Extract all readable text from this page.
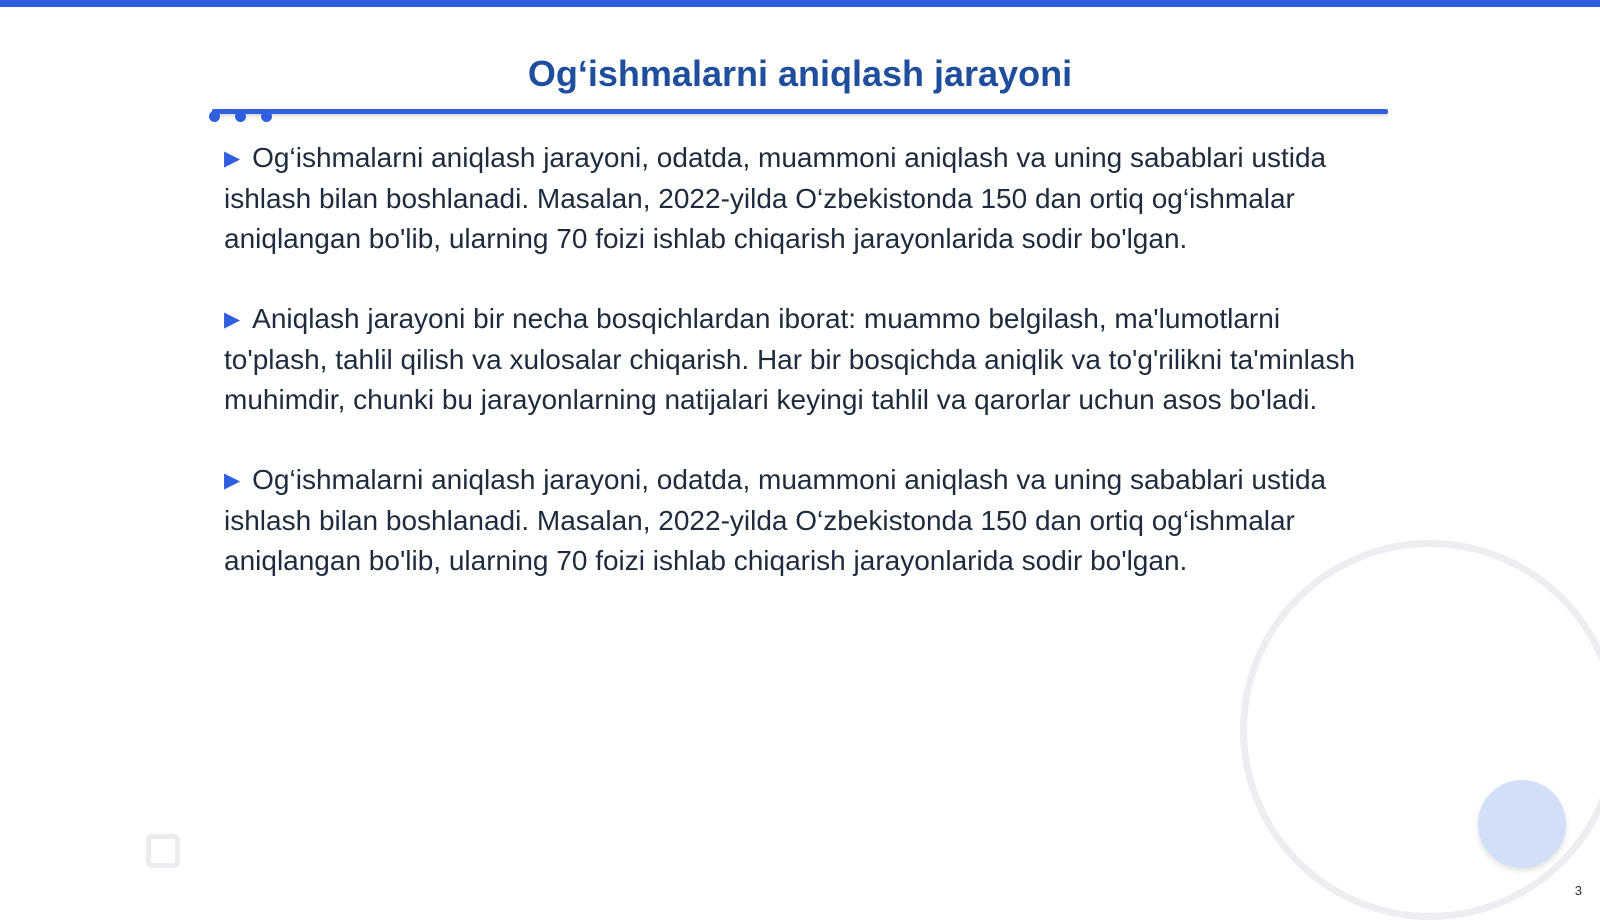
Og‘ishmalarni aniqlash jarayoni

▶ Og‘ishmalarni aniqlash jarayoni, odatda, muammoni aniqlash va uning sabablari ustida ishlash bilan boshlanadi. Masalan, 2022-yilda O‘zbekistonda 150 dan ortiq og‘ishmalar aniqlangan bo'lib, ularning 70 foizi ishlab chiqarish jarayonlarida sodir bo'lgan.

▶ Aniqlash jarayoni bir necha bosqichlardan iborat: muammo belgilash, ma'lumotlarni to'plash, tahlil qilish va xulosalar chiqarish. Har bir bosqichda aniqlik va to'g'rilikni ta'minlash muhimdir, chunki bu jarayonlarning natijalari keyingi tahlil va qarorlar uchun asos bo'ladi.

▶ Og‘ishmalarni aniqlash jarayoni, odatda, muammoni aniqlash va uning sabablari ustida ishlash bilan boshlanadi. Masalan, 2022-yilda O‘zbekistonda 150 dan ortiq og‘ishmalar aniqlangan bo'lib, ularning 70 foizi ishlab chiqarish jarayonlarida sodir bo'lgan.

3
